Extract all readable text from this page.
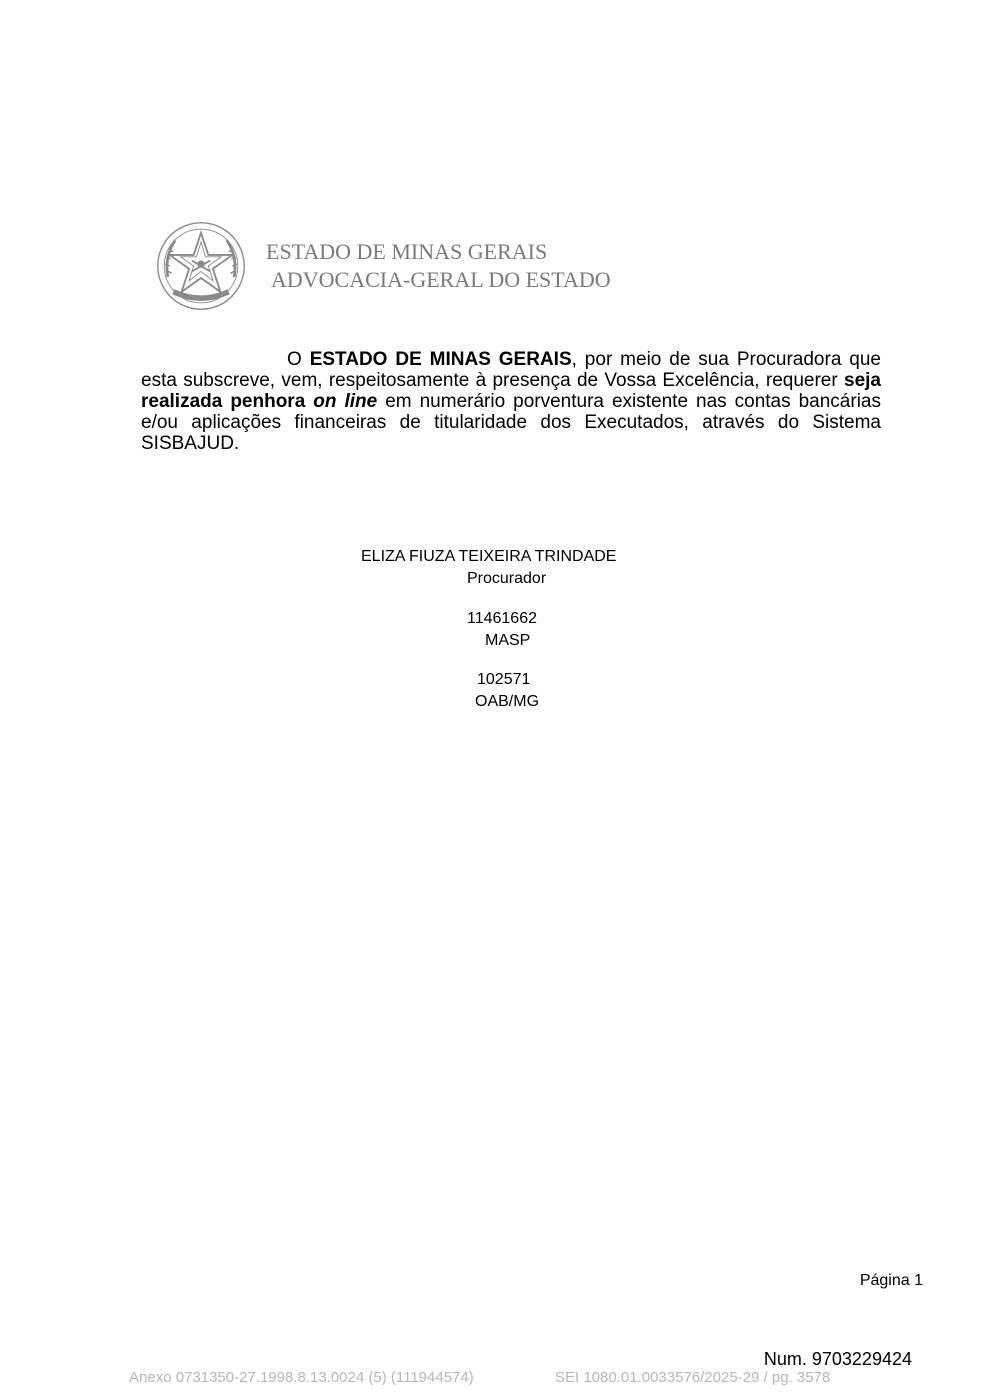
ESTADO DE MINAS GERAIS
ADVOCACIA-GERAL DO ESTADO

O ESTADO DE MINAS GERAIS, por meio de sua Procuradora que esta subscreve, vem, respeitosamente à presença de Vossa Excelência, requerer seja realizada penhora on line em numerário porventura existente nas contas bancárias e/ou aplicações financeiras de titularidade dos Executados, através do Sistema SISBAJUD.

ELIZA FIUZA TEIXEIRA TRINDADE
Procurador
11461662
MASP
102571
OAB/MG
Página 1
Num. 9703229424
Anexo 0731350-27.1998.8.13.0024 (5) (111944574)	SEI 1080.01.0033576/2025-29 / pg. 3578
